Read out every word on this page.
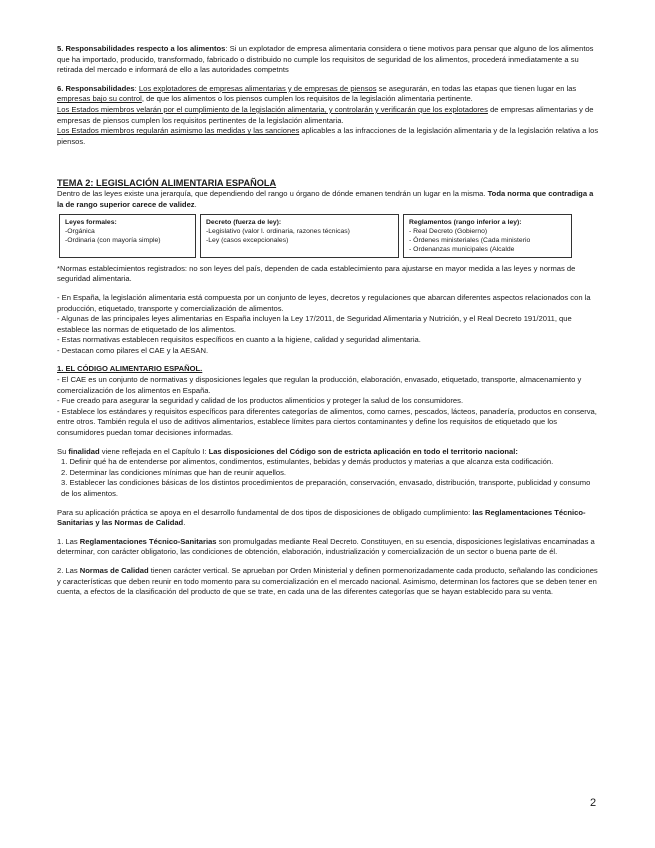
5. Responsabilidades respecto a los alimentos: Si un explotador de empresa alimentaria considera o tiene motivos para pensar que alguno de los alimentos que ha importado, producido, transformado, fabricado o distribuido no cumple los requisitos de seguridad de los alimentos, procederá inmediatamente a su retirada del mercado e informará de ello a las autoridades competnts

6. Responsabilidades: Los explotadores de empresas alimentarias y de empresas de piensos se asegurarán, en todas las etapas que tienen lugar en las empresas bajo su control, de que los alimentos o los piensos cumplen los requisitos de la legislación alimentaria pertinente.
Los Estados miembros velarán por el cumplimiento de la legislación alimentaria, y controlarán y verificarán que los explotadores de empresas alimentarias y de empresas de piensos cumplen los requisitos pertinentes de la legislación alimentaria.
Los Estados miembros regularán asimismo las medidas y las sanciones aplicables a las infracciones de la legislación alimentaria y de la legislación relativa a los piensos.

TEMA 2: LEGISLACIÓN ALIMENTARIA ESPAÑOLA

Dentro de las leyes existe una jerarquía, que dependiendo del rango u órgano de dónde emanen tendrán un lugar en la misma. Toda norma que contradiga a la de rango superior carece de validez.

Leyes formales:
-Orgánica
-Ordinaria (con mayoría simple)
Decreto (fuerza de ley):
-Legislativo (valor l. ordinaria, razones técnicas)
-Ley (casos excepcionales)
Reglamentos (rango inferior a ley):
- Real Decreto (Gobierno)
- Órdenes ministeriales (Cada ministerio
- Ordenanzas municipales (Alcalde

*Normas establecimientos registrados: no son leyes del país, dependen de cada establecimiento para ajustarse en mayor medida a las leyes y normas de seguridad alimentaria.

- En España, la legislación alimentaria está compuesta por un conjunto de leyes, decretos y regulaciones que abarcan diferentes aspectos relacionados con la producción, etiquetado, transporte y comercialización de alimentos.

- Algunas de las principales leyes alimentarias en España incluyen la Ley 17/2011, de Seguridad Alimentaria y Nutrición, y el Real Decreto 191/2011, que establece las normas de etiquetado de los alimentos.

- Estas normativas establecen requisitos específicos en cuanto a la higiene, calidad y seguridad alimentaria.

- Destacan como pilares el CAE y la AESAN.

1. EL CÓDIGO ALIMENTARIO ESPAÑOL.

- El CAE es un conjunto de normativas y disposiciones legales que regulan la producción, elaboración, envasado, etiquetado, transporte, almacenamiento y comercialización de los alimentos en España.

- Fue creado para asegurar la seguridad y calidad de los productos alimenticios y proteger la salud de los consumidores.

- Establece los estándares y requisitos específicos para diferentes categorías de alimentos, como carnes, pescados, lácteos, panadería, productos en conserva, entre otros. También regula el uso de aditivos alimentarios, establece límites para ciertos contaminantes y define los requisitos de etiquetado que los consumidores puedan tomar decisiones informadas.

Su finalidad viene reflejada en el Capítulo I: Las disposiciones del Código son de estricta aplicación en todo el territorio nacional:

1. Definir qué ha de entenderse por alimentos, condimentos, estimulantes, bebidas y demás productos y materias a que alcanza esta codificación.

2. Determinar las condiciones mínimas que han de reunir aquellos.

3. Establecer las condiciones básicas de los distintos procedimientos de preparación, conservación, envasado, distribución, transporte, publicidad y consumo de los alimentos.

Para su aplicación práctica se apoya en el desarrollo fundamental de dos tipos de disposiciones de obligado cumplimiento: las Reglamentaciones Técnico-Sanitarias y las Normas de Calidad.

1. Las Reglamentaciones Técnico-Sanitarias son promulgadas mediante Real Decreto. Constituyen, en su esencia, disposiciones legislativas encaminadas a determinar, con carácter obligatorio, las condiciones de obtención, elaboración, industrialización y comercialización de un sector o buena parte de él.

2. Las Normas de Calidad tienen carácter vertical. Se aprueban por Orden Ministerial y definen pormenorizadamente cada producto, señalando las condiciones y características que deben reunir en todo momento para su comercialización en el mercado nacional. Asimismo, determinan los factores que se deben tener en cuenta, a efectos de la clasificación del producto de que se trate, en cada una de las diferentes categorías que se hayan establecido para su venta.

2
